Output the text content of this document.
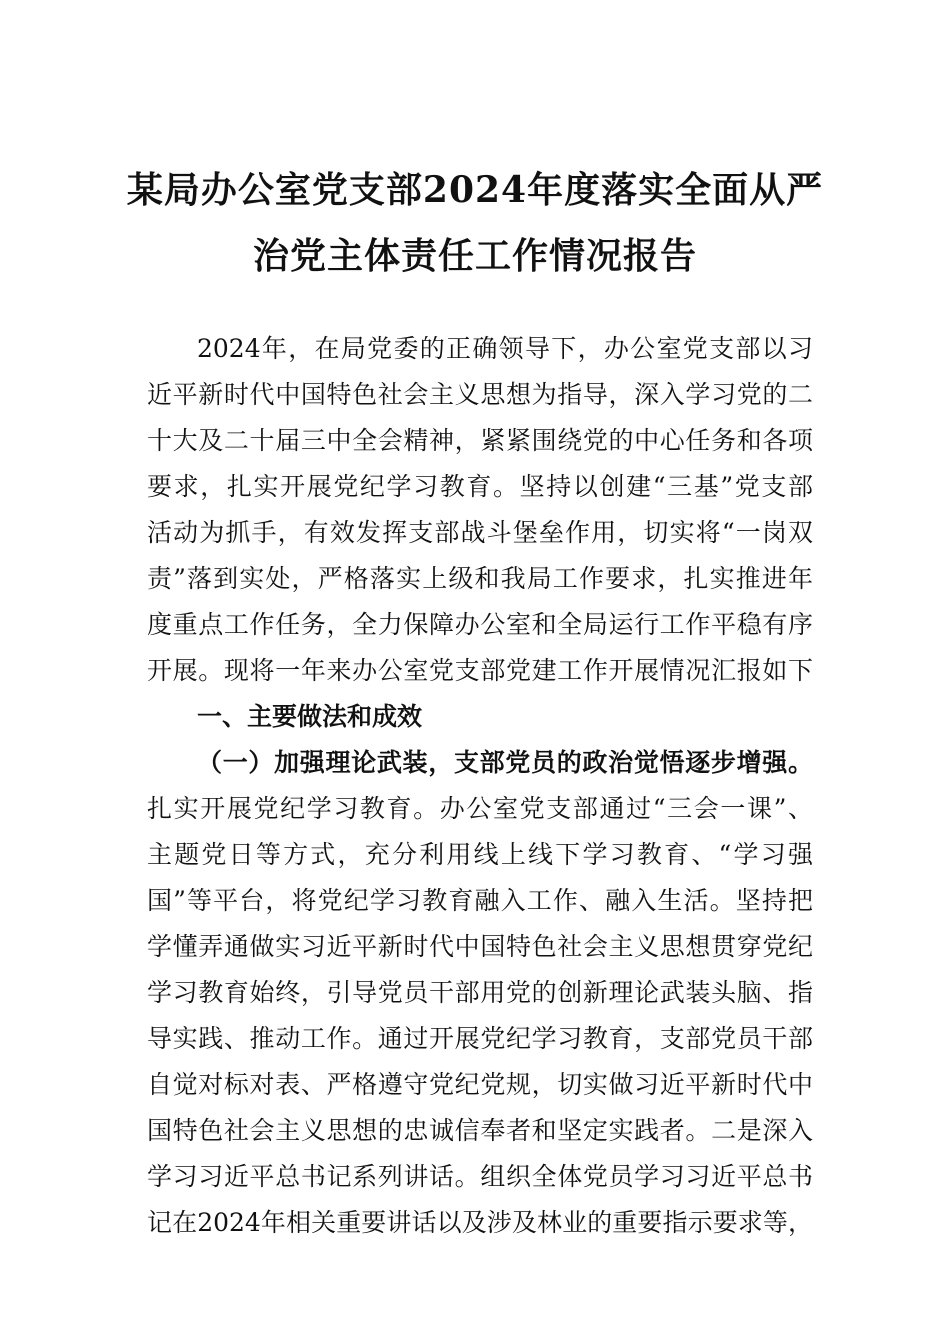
某局办公室党支部2024年度落实全面从严
治党主体责任工作情况报告
2024年，在局党委的正确领导下，办公室党支部以习
近平新时代中国特色社会主义思想为指导，深入学习党的二
十大及二十届三中全会精神，紧紧围绕党的中心任务和各项
要求，扎实开展党纪学习教育。坚持以创建“三基”党支部
活动为抓手，有效发挥支部战斗堡垒作用，切实将“一岗双
责”落到实处，严格落实上级和我局工作要求，扎实推进年
度重点工作任务，全力保障办公室和全局运行工作平稳有序
开展。现将一年来办公室党支部党建工作开展情况汇报如下
一、主要做法和成效
（一）加强理论武装，支部党员的政治觉悟逐步增强。
扎实开展党纪学习教育。办公室党支部通过“三会一课”、
主题党日等方式，充分利用线上线下学习教育、“学习强
国”等平台，将党纪学习教育融入工作、融入生活。坚持把
学懂弄通做实习近平新时代中国特色社会主义思想贯穿党纪
学习教育始终，引导党员干部用党的创新理论武装头脑、指
导实践、推动工作。通过开展党纪学习教育，支部党员干部
自觉对标对表、严格遵守党纪党规，切实做习近平新时代中
国特色社会主义思想的忠诚信奉者和坚定实践者。二是深入
学习习近平总书记系列讲话。组织全体党员学习习近平总书
记在2024年相关重要讲话以及涉及林业的重要指示要求等，
